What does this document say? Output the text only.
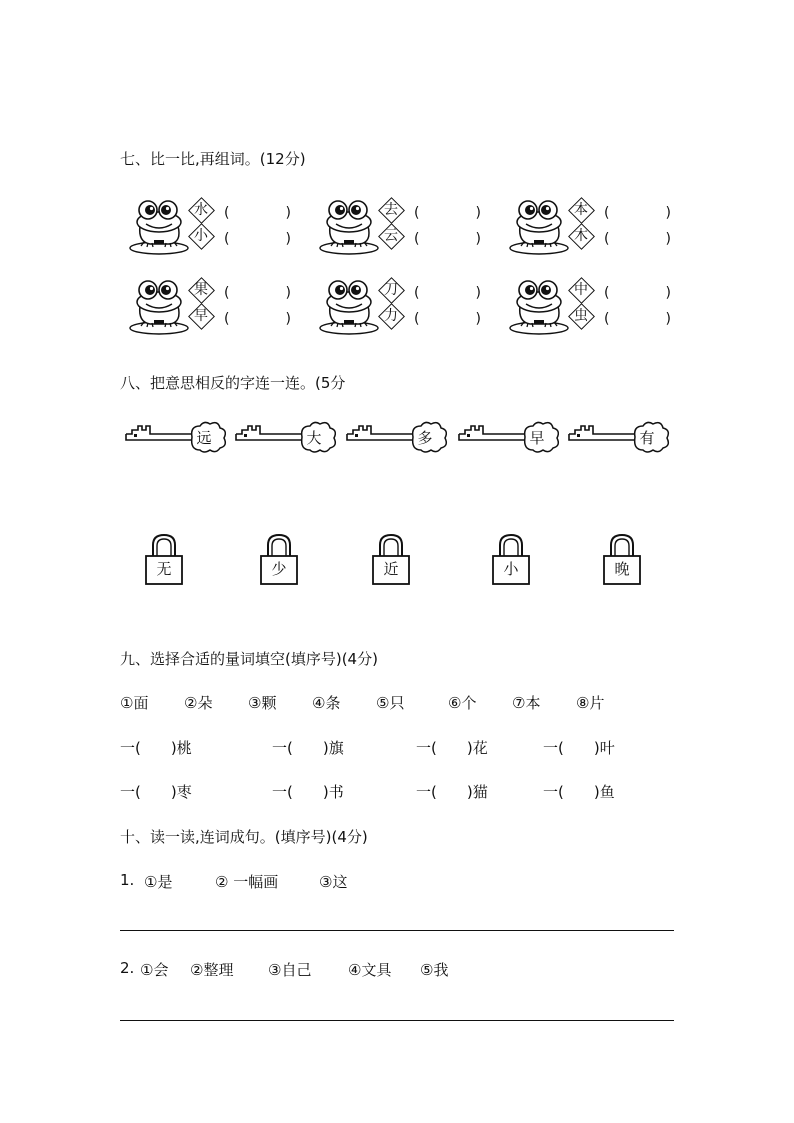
七、比一比,再组词。(12分)
水
小
(　　　　)
(　　　　)
去
云
(　　　　)
(　　　　)
本
木
(　　　　)
(　　　　)
果
早
(　　　　)
(　　　　)
刀
力
(　　　　)
(　　　　)
中
虫
(　　　　)
(　　　　)
八、把意思相反的字连一连。(5分
远	大	多	早	有
无	少	近	小	晚
九、选择合适的量词填空(填序号)(4分)
①面 ②朵 ③颗 ④条 ⑤只	⑥个 ⑦本 ⑧片
一(　　)桃	一(　　)旗	一(　　)花	一(　　)叶
一(　　)枣	一(　　)书	一(　　)猫	一(　　)鱼
十、读一读,连词成句。(填序号)(4分)
1. ①是	② 一幅画	③这
2. ①会 ②整理 ③自己 ④文具 ⑤我
